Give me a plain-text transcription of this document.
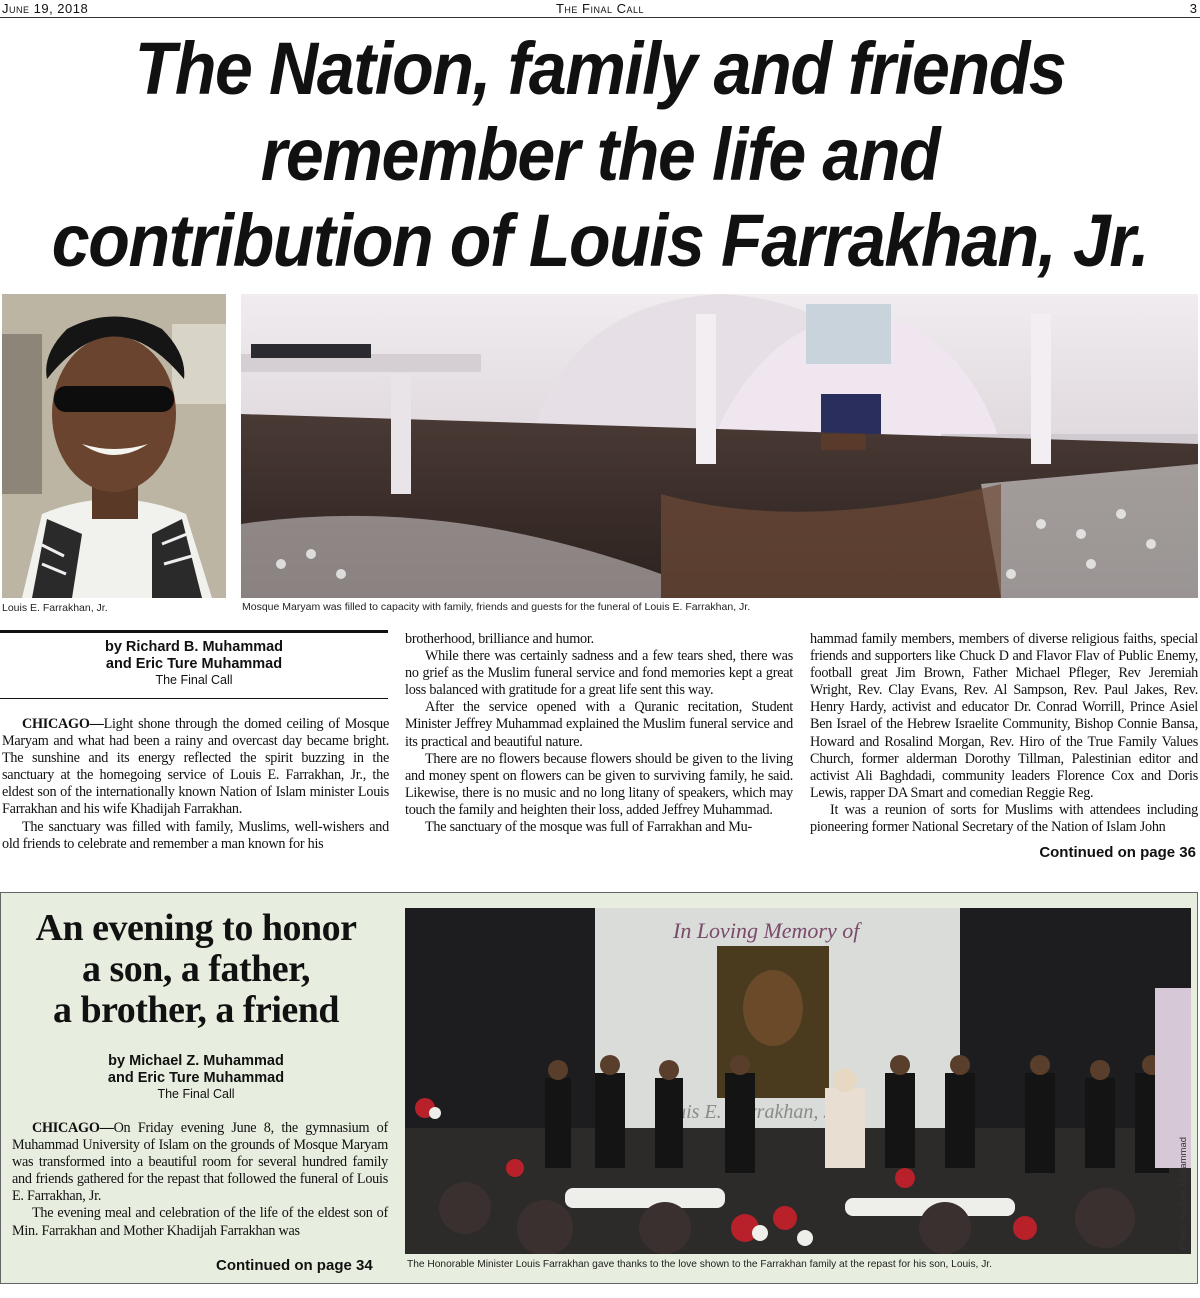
The Final Call
June 19, 2018	3
The Nation, family and friends
remember the life and
contribution of Louis Farrakhan, Jr.
Louis E. Farrakhan, Jr.	Mosque Maryam was filled to capacity with family, friends and guests for the funeral of Louis E. Farrakhan, Jr.
by Richard B. Muhammad
and Eric Ture Muhammad
The Final Call

CHICAGO—Light shone through the domed ceiling of Mosque Maryam and what had been a rainy and overcast day became bright. The sunshine and its energy reflected the spirit buzzing in the sanctuary at the homegoing service of Louis E. Farrakhan, Jr., the eldest son of the internationally known Nation of Islam minister Louis Farrakhan and his wife Khadijah Farrakhan.

The sanctuary was filled with family, Muslims, well-wishers and old friends to celebrate and remember a man known for his

brotherhood, brilliance and humor.

While there was certainly sadness and a few tears shed, there was no grief as the Muslim funeral service and fond memories kept a great loss balanced with gratitude for a great life sent this way.

After the service opened with a Quranic recitation, Student Minister Jeffrey Muhammad explained the Muslim funeral service and its practical and beautiful nature.

There are no flowers because flowers should be given to the living and money spent on flowers can be given to surviving family, he said. Likewise, there is no music and no long litany of speakers, which may touch the family and heighten their loss, added Jeffrey Muhammad.

The sanctuary of the mosque was full of Farrakhan and Mu-

hammad family members, members of diverse religious faiths, special friends and supporters like Chuck D and Flavor Flav of Public Enemy, football great Jim Brown, Father Michael Pfleger, Rev Jeremiah Wright, Rev. Clay Evans, Rev. Al Sampson, Rev. Paul Jakes, Rev. Henry Hardy, activist and educator Dr. Conrad Worrill, Prince Asiel Ben Israel of the Hebrew Israelite Community, Bishop Connie Bansa, Howard and Rosalind Morgan, Rev. Hiro of the True Family Values Church, former alderman Dorothy Tillman, Palestinian editor and activist Ali Baghdadi, community leaders Florence Cox and Doris Lewis, rapper DA Smart and comedian Reggie Reg.

It was a reunion of sorts for Muslims with attendees including pioneering former National Secretary of the Nation of Islam John

Continued on page 36
An evening to honor
a son, a father,
a brother, a friend
by Michael Z. Muhammad
and Eric Ture Muhammad
The Final Call

CHICAGO—On Friday evening June 8, the gymnasium of Muhammad University of Islam on the grounds of Mosque Maryam was transformed into a beautiful room for several hundred family and friends gathered for the repast that followed the funeral of Louis E. Farrakhan, Jr.

The evening meal and celebration of the life of the eldest son of Min. Farrakhan and Mother Khadijah Farrakhan was

Continued on page 34
In Loving Memory of
E. Farrakhan,
The Honorable Minister Louis Farrakhan gave thanks to the love shown to the Farrakhan family at the repast for his son, Louis, Jr.
Photo: Andrea Muhammad
